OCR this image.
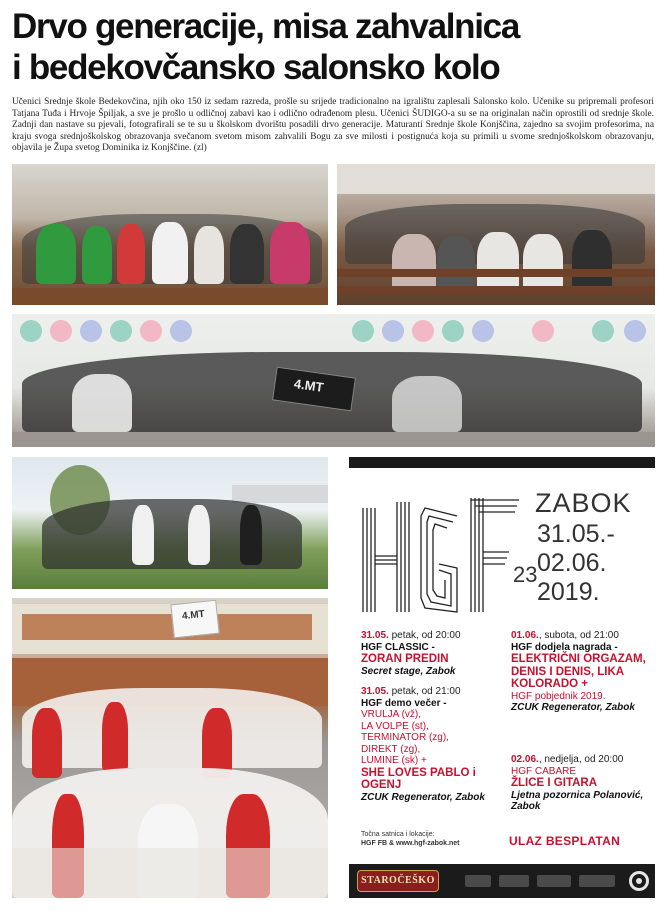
Drvo generacije, misa zahvalnica
i bedekovčansko salonsko kolo

Učenici Srednje škole Bedekovčina, njih oko 150 iz sedam razreda, prošle su srijede tradicionalno na igralištu zaplesali Salonsko kolo. Učenike su pripremali profesori Tatjana Tuđa i Hrvoje Špiljak, a sve je prošlo u odličnoj zabavi kao i odlično odrađenom plesu. Učenici ŠUDIGO-a su se na originalan način oprostili od srednje škole. Zadnji dan nastave su pjevali, fotografirali se te su u školskom dvorištu posadili drvo generacije. Maturanti Srednje škole Konjščina, zajedno sa svojim profesorima, na kraju svoga srednjoškolskog obrazovanja svečanom svetom misom zahvalili Bogu za sve milosti i postignuća koja su primili u svome srednjoškolskom obrazovanju, objavila je Župa svetog Dominika iz Konjščine. (zl)

4.MT
4.MT
23
HGF	ZABOK
31.05.-
02.06.
2019.
31.05. petak, od 20:00
HGF CLASSIC -
ZORAN PREDIN
Secret stage, Zabok
31.05. petak, od 21:00
HGF demo večer -
VRULJA (vž),
LA VOLPE (st),
TERMINATOR (zg),
DIREKT (zg),
LUMINE (sk) +
SHE LOVES PABLO i OGENJ
ZCUK Regenerator, Zabok
01.06., subota, od 21:00
HGF dodjela nagrada -
ELEKTRIČNI ORGAZAM, DENIS I DENIS, LIKA KOLORADO +
HGF pobjednik 2019.
ZCUK Regenerator, Zabok
02.06., nedjelja, od 20:00
HGF CABARE
ŽLICE I GITARA
Ljetna pozornica Polanović, Zabok
Točna satnica i lokacije:
HGF FB & www.hgf-zabok.net	ULAZ BESPLATAN
STAROČEŠKO
